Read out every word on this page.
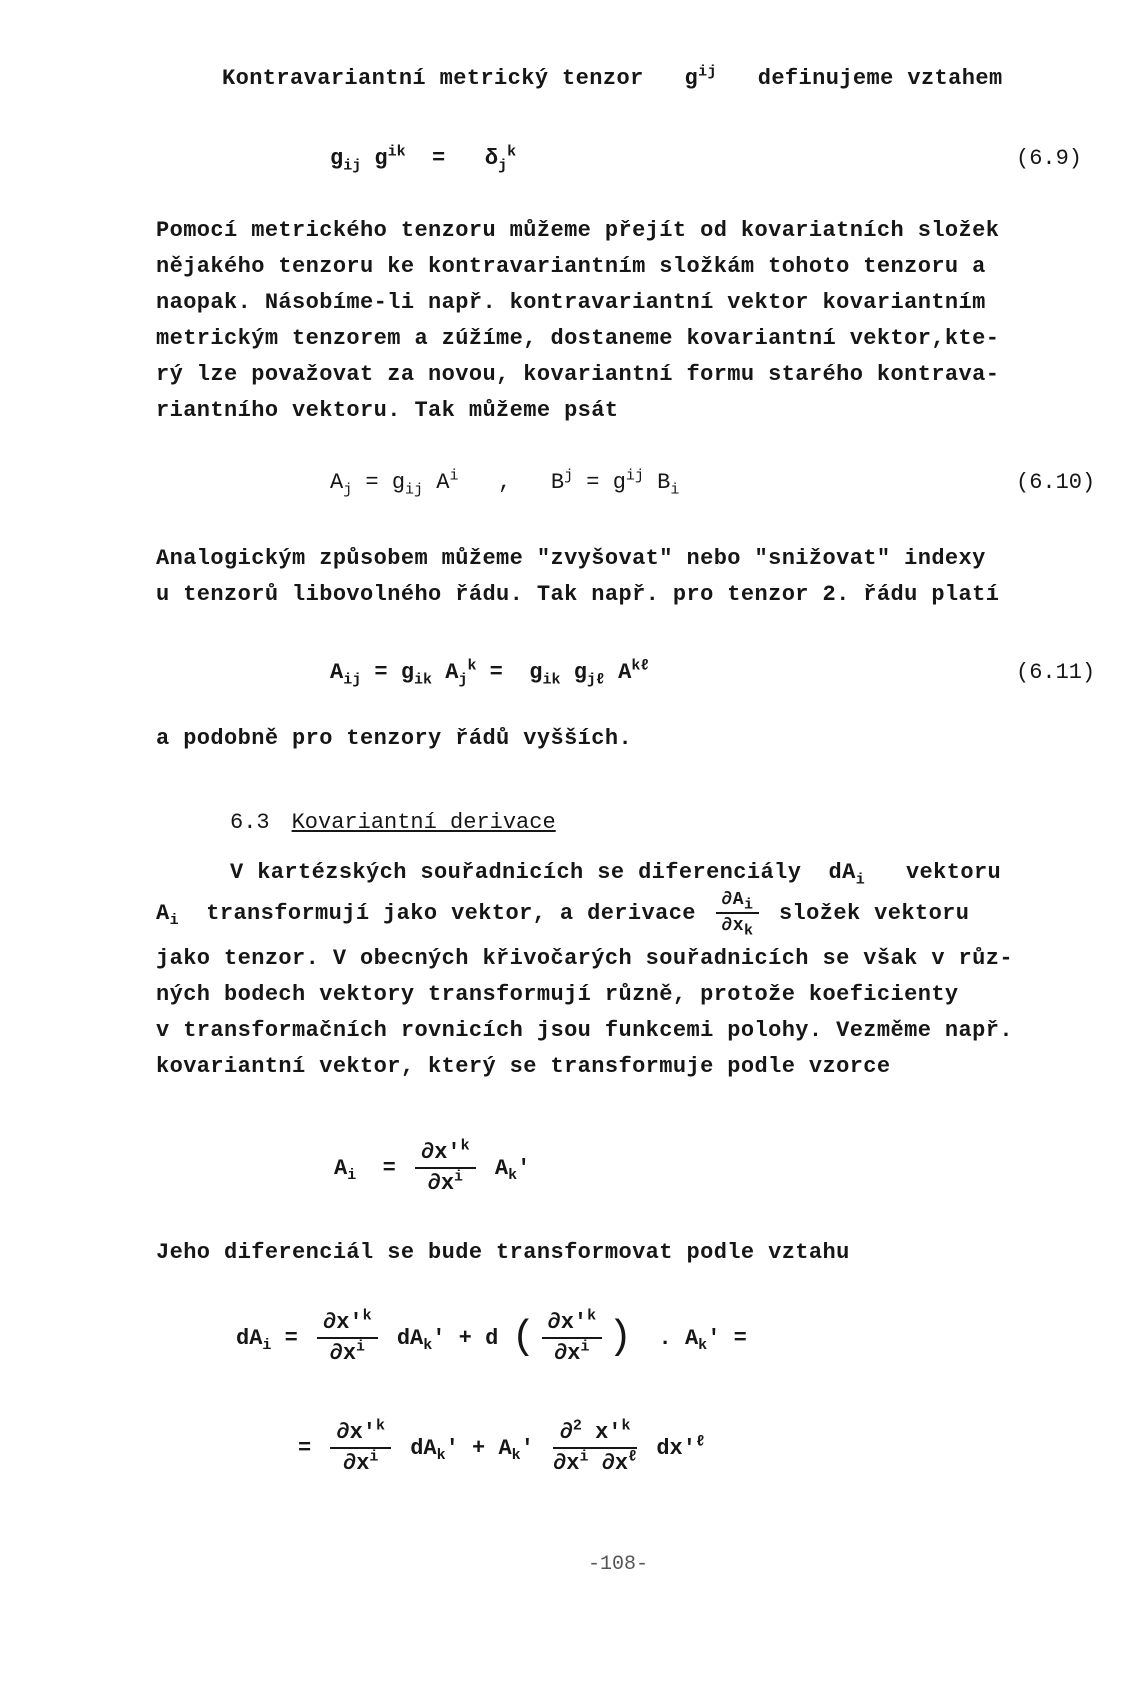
Kontravariantní metrický tenzor   $g^{ij}$ definujeme vztahem
$g_{ij}$ $g^{ik} = \delta_j^k$	(6.9)
Pomocí metrického tenzoru můžeme přejít od kovariatních složek
nějakého tenzoru ke kontravariantním složkám tohoto tenzoru a
naopak. Násobíme-li např. kontravariantní vektor kovariantním
metrickým tenzorem a zúžíme, dostaneme kovariantní vektor,kte-
rý lze považovat za novou, kovariantní formu starého kontrava-
riantního vektoru. Tak můžeme psát
$A_j = g_{ij}$ $A^i$   ,   $B^j = g^{ij}$ $B_i$	(6.10)
Analogickým způsobem můžeme "zvyšovat" nebo "snižovat" indexy
u tenzorů libovolného řádu. Tak např. pro tenzor 2. řádu platí
$A_{ij} = g_{ik}$ $A_j^k = g_{ik}$ $g_{j\ell}$ $A^{k\ell}$	(6.11)
a podobně pro tenzory řádů vyšších.
6.3 Kovariantní derivace
V kartézských souřadnicích se diferenciály  $dA_i$ vektoru
$A_i$ transformují jako vektor, a derivace $\frac{\partial A_i}{\partial x_k}$ složek vektoru
jako tenzor. V obecných křivočarých souřadnicích se však v růz-
ných bodech vektory transformují různě, protože koeficienty
v transformačních rovnicích jsou funkcemi polohy. Vezměme např.
kovariantní vektor, který se transformuje podle vzorce
$A_i = \frac{\partial x'^k}{\partial x^i} A_k'$
Jeho diferenciál se bude transformovat podle vztahu
$dA_i = \frac{\partial x'^k}{\partial x^i} dA_k' + d$ ( $\frac{\partial x'^k}{\partial x^i}$ )  . $A_k'$ =
= $\frac{\partial x'^k}{\partial x^i} dA_k' + A_k' \frac{\partial^2 x'^k}{\partial x^i \partial x^\ell} dx'^\ell$
-108-
